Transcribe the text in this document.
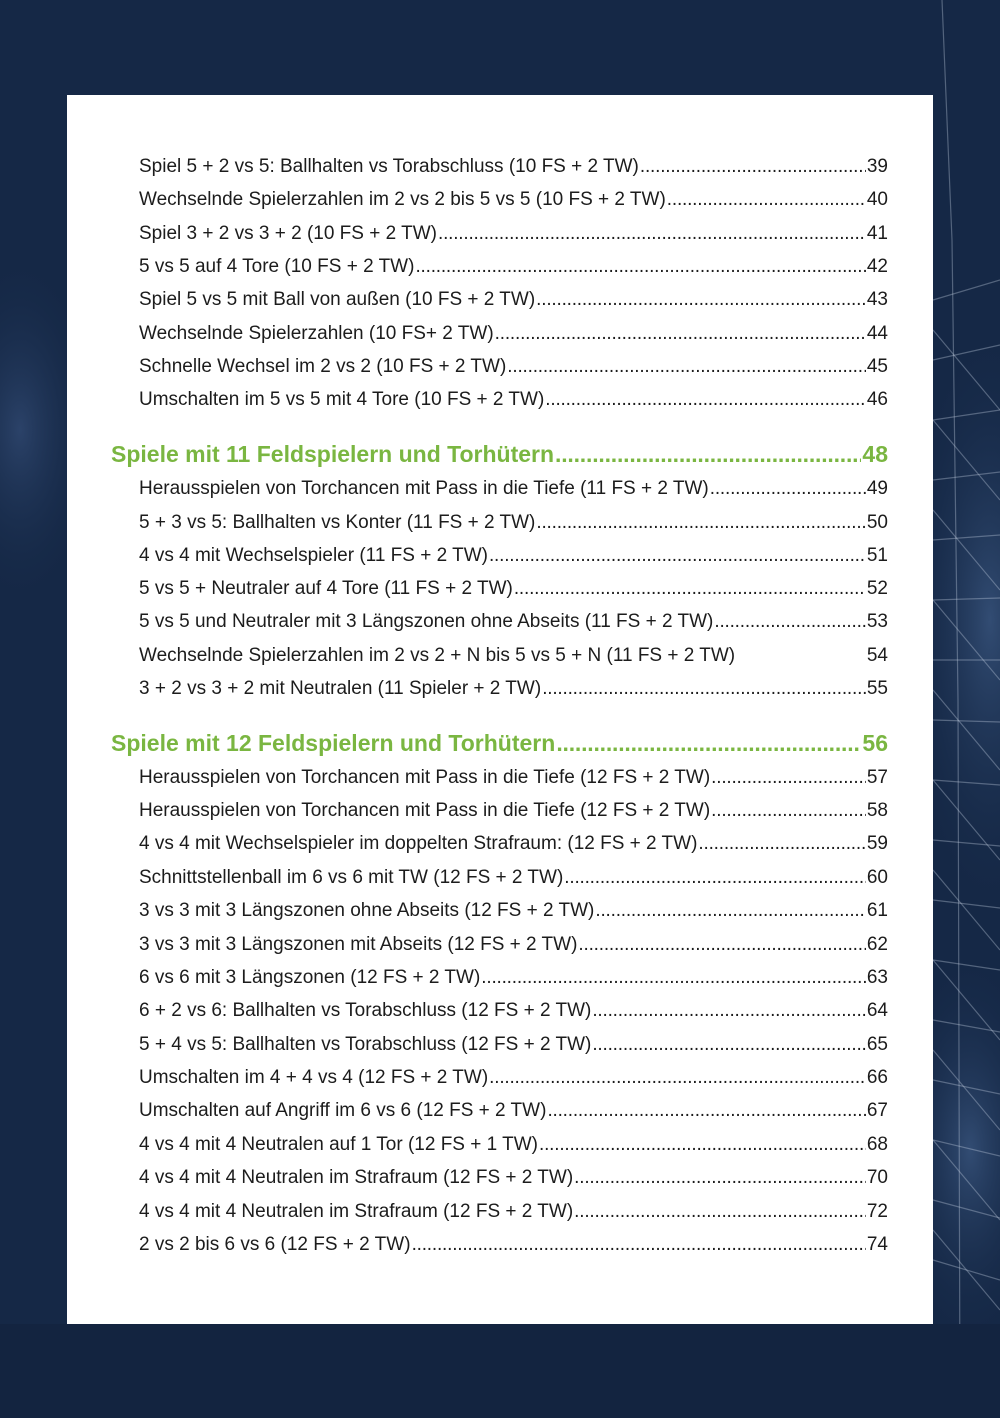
Spiel 5 + 2 vs 5: Ballhalten vs Torabschluss (10 FS + 2 TW) .....	39
Wechselnde Spielerzahlen im 2 vs 2 bis 5 vs 5 (10 FS + 2 TW) .....	40
Spiel 3 + 2 vs 3 + 2 (10 FS + 2 TW) .....	41
5 vs 5 auf 4 Tore (10 FS + 2 TW) .....	42
Spiel 5 vs 5 mit Ball von außen (10 FS + 2 TW) .....	43
Wechselnde Spielerzahlen (10 FS+ 2 TW) .....	44
Schnelle Wechsel im 2 vs 2 (10 FS + 2 TW) .....	45
Umschalten im 5 vs 5 mit 4 Tore (10 FS + 2 TW) .....	46
Spiele mit 11 Feldspielern und Torhütern .....	48
Herausspielen von Torchancen mit Pass in die Tiefe (11 FS + 2 TW) .....	49
5 + 3 vs 5: Ballhalten vs Konter (11 FS + 2 TW) .....	50
4 vs 4 mit Wechselspieler (11 FS + 2 TW) .....	51
5 vs 5 + Neutraler auf 4 Tore (11 FS + 2 TW) .....	52
5 vs 5 und Neutraler mit 3 Längszonen ohne Abseits (11 FS + 2 TW) .....	53
Wechselnde Spielerzahlen im 2 vs 2 + N bis 5 vs 5 + N (11 FS + 2 TW)	54
3 + 2 vs 3 + 2 mit Neutralen (11 Spieler + 2 TW) .....	55
Spiele mit 12 Feldspielern und Torhütern .....	56
Herausspielen von Torchancen mit Pass in die Tiefe (12 FS + 2 TW) .....	57
Herausspielen von Torchancen mit Pass in die Tiefe (12 FS + 2 TW) .....	58
4 vs 4 mit Wechselspieler im doppelten Strafraum: (12 FS + 2 TW) .....	59
Schnittstellenball im 6 vs 6 mit TW (12 FS + 2 TW) .....	60
3 vs 3 mit 3 Längszonen ohne Abseits (12 FS + 2 TW) .....	61
3 vs 3 mit 3 Längszonen mit Abseits (12 FS + 2 TW) .....	62
6 vs 6 mit 3 Längszonen (12 FS + 2 TW) .....	63
6 + 2 vs 6: Ballhalten vs Torabschluss (12 FS + 2 TW) .....	64
5 + 4 vs 5: Ballhalten vs Torabschluss (12 FS + 2 TW) .....	65
Umschalten im 4 + 4 vs 4 (12 FS + 2 TW) .....	66
Umschalten auf Angriff im 6 vs 6 (12 FS + 2 TW) .....	67
4 vs 4 mit 4 Neutralen auf 1 Tor (12 FS + 1 TW) .....	68
4 vs 4 mit 4 Neutralen im Strafraum (12 FS + 2 TW) .....	70
4 vs 4 mit 4 Neutralen im Strafraum (12 FS + 2 TW) .....	72
2 vs 2 bis 6 vs 6 (12 FS + 2 TW) .....	74
